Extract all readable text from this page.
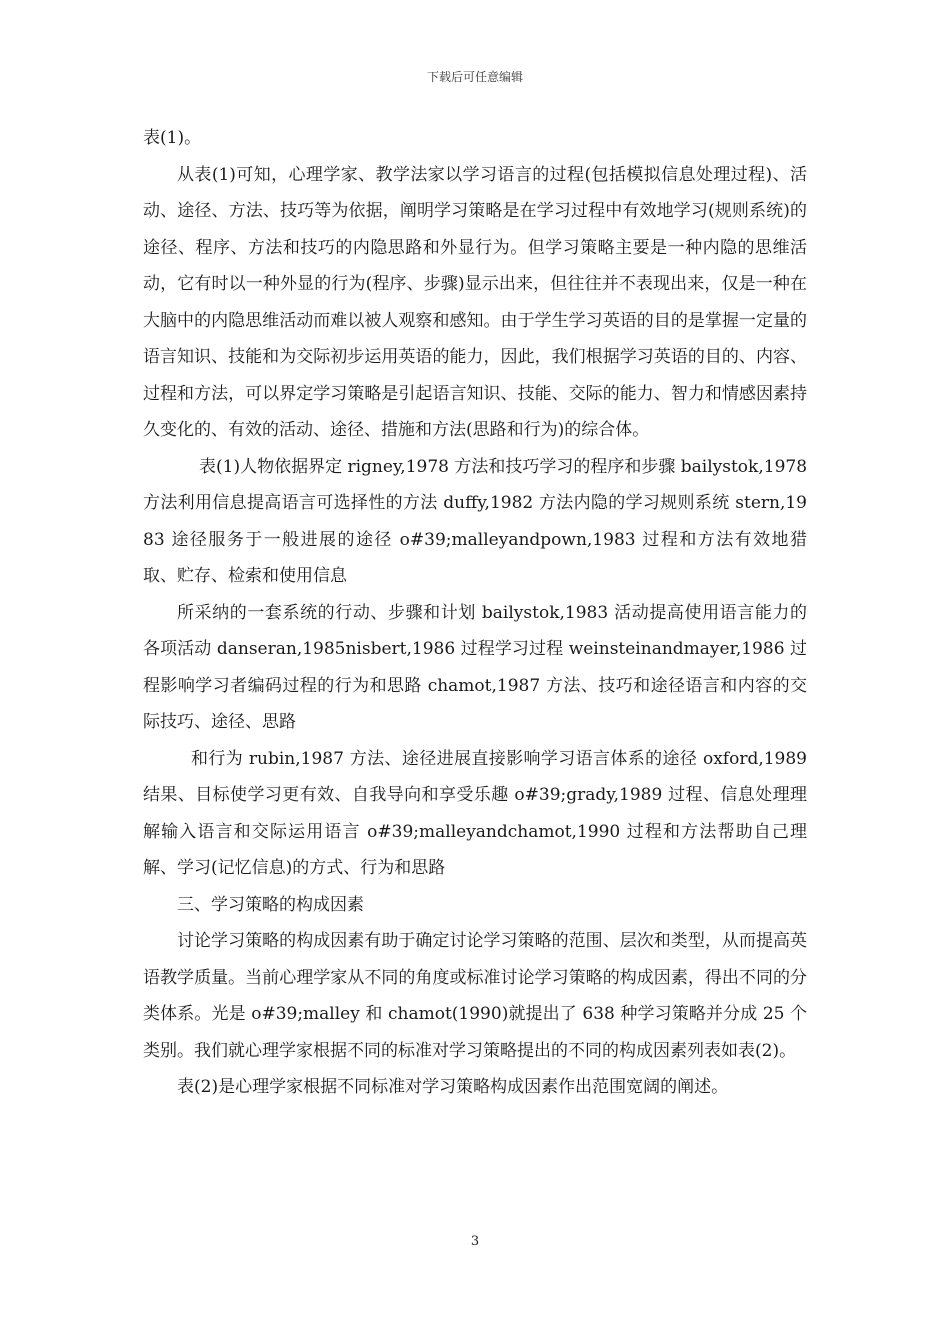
下载后可任意编辑

表(1)。

从表(1)可知，心理学家、教学法家以学习语言的过程(包括模拟信息处理过程)、活动、途径、方法、技巧等为依据，阐明学习策略是在学习过程中有效地学习(规则系统)的途径、程序、方法和技巧的内隐思路和外显行为。但学习策略主要是一种内隐的思维活动，它有时以一种外显的行为(程序、步骤)显示出来，但往往并不表现出来，仅是一种在大脑中的内隐思维活动而难以被人观察和感知。由于学生学习英语的目的是掌握一定量的语言知识、技能和为交际初步运用英语的能力，因此，我们根据学习英语的目的、内容、过程和方法，可以界定学习策略是引起语言知识、技能、交际的能力、智力和情感因素持久变化的、有效的活动、途径、措施和方法(思路和行为)的综合体。

表(1)人物依据界定 rigney,1978 方法和技巧学习的程序和步骤 bailystok,1978 方法利用信息提高语言可选择性的方法 duffy,1982 方法内隐的学习规则系统 stern,1983 途径服务于一般进展的途径 o#39;malleyandpown,1983 过程和方法有效地猎取、贮存、检索和使用信息

所采纳的一套系统的行动、步骤和计划 bailystok,1983 活动提高使用语言能力的各项活动 danseran,1985nisbert,1986 过程学习过程 weinsteinandmayer,1986 过程影响学习者编码过程的行为和思路 chamot,1987 方法、技巧和途径语言和内容的交际技巧、途径、思路

和行为 rubin,1987 方法、途径进展直接影响学习语言体系的途径 oxford,1989 结果、目标使学习更有效、自我导向和享受乐趣 o#39;grady,1989 过程、信息处理理解输入语言和交际运用语言 o#39;malleyandchamot,1990 过程和方法帮助自己理解、学习(记忆信息)的方式、行为和思路

三、学习策略的构成因素

讨论学习策略的构成因素有助于确定讨论学习策略的范围、层次和类型，从而提高英语教学质量。当前心理学家从不同的角度或标准讨论学习策略的构成因素，得出不同的分类体系。光是 o#39;malley 和 chamot(1990)就提出了 638 种学习策略并分成 25 个类别。我们就心理学家根据不同的标准对学习策略提出的不同的构成因素列表如表(2)。

表(2)是心理学家根据不同标准对学习策略构成因素作出范围宽阔的阐述。

3
